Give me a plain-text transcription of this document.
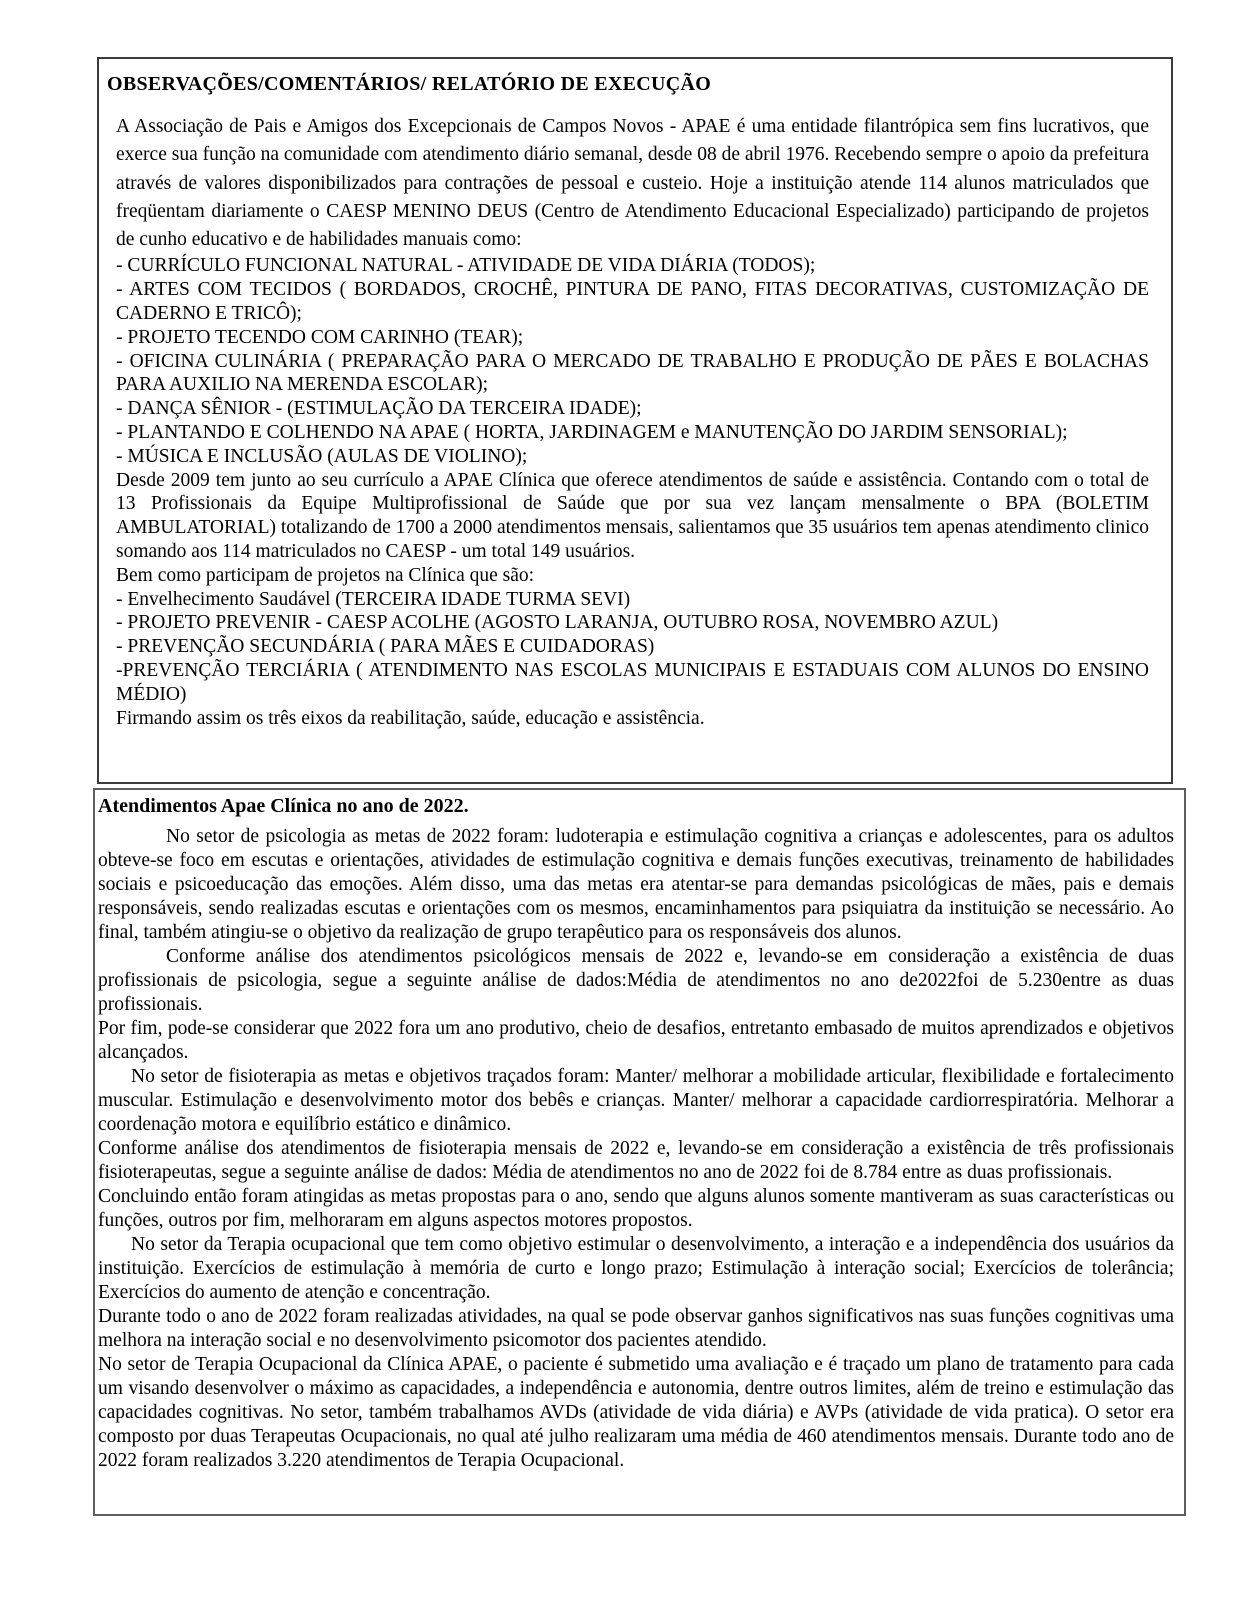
OBSERVAÇÕES/COMENTÁRIOS/ RELATÓRIO DE EXECUÇÃO

A Associação de Pais e Amigos dos Excepcionais de Campos Novos - APAE é uma entidade filantrópica sem fins lucrativos, que exerce sua função na comunidade com atendimento diário semanal, desde 08 de abril 1976. Recebendo sempre o apoio da prefeitura através de valores disponibilizados para contrações de pessoal e custeio. Hoje a instituição atende 114 alunos matriculados que freqüentam diariamente o CAESP MENINO DEUS (Centro de Atendimento Educacional Especializado) participando de projetos de cunho educativo e de habilidades manuais como:

- CURRÍCULO FUNCIONAL NATURAL - ATIVIDADE DE VIDA DIÁRIA (TODOS);
- ARTES COM TECIDOS ( BORDADOS, CROCHÊ, PINTURA DE PANO, FITAS DECORATIVAS, CUSTOMIZAÇÃO DE CADERNO E TRICÔ);
- PROJETO TECENDO COM CARINHO (TEAR);
- OFICINA CULINÁRIA ( PREPARAÇÃO PARA O MERCADO DE TRABALHO E PRODUÇÃO DE PÃES E BOLACHAS PARA AUXILIO NA MERENDA ESCOLAR);
- DANÇA SÊNIOR - (ESTIMULAÇÃO DA TERCEIRA IDADE);
- PLANTANDO E COLHENDO NA APAE ( HORTA, JARDINAGEM e MANUTENÇÃO DO JARDIM SENSORIAL);
- MÚSICA E INCLUSÃO (AULAS DE VIOLINO);
Desde 2009 tem junto ao seu currículo a APAE Clínica que oferece atendimentos de saúde e assistência. Contando com o total de 13 Profissionais da Equipe Multiprofissional de Saúde que por sua vez lançam mensalmente o BPA (BOLETIM AMBULATORIAL) totalizando de 1700 a 2000 atendimentos mensais, salientamos que 35 usuários tem apenas atendimento clinico somando aos 114 matriculados no CAESP - um total 149 usuários.
Bem como participam de projetos na Clínica que são:
- Envelhecimento Saudável (TERCEIRA IDADE TURMA SEVI)
- PROJETO PREVENIR - CAESP ACOLHE (AGOSTO LARANJA, OUTUBRO ROSA, NOVEMBRO AZUL)
- PREVENÇÃO SECUNDÁRIA ( PARA MÃES E CUIDADORAS)
-PREVENÇÃO TERCIÁRIA ( ATENDIMENTO NAS ESCOLAS MUNICIPAIS E ESTADUAIS COM ALUNOS DO ENSINO MÉDIO)
Firmando assim os três eixos da reabilitação, saúde, educação e assistência.
Atendimentos Apae Clínica no ano de 2022.

No setor de psicologia as metas de 2022 foram: ludoterapia e estimulação cognitiva a crianças e adolescentes, para os adultos obteve-se foco em escutas e orientações, atividades de estimulação cognitiva e demais funções executivas, treinamento de habilidades sociais e psicoeducação das emoções. Além disso, uma das metas era atentar-se para demandas psicológicas de mães, pais e demais responsáveis, sendo realizadas escutas e orientações com os mesmos, encaminhamentos para psiquiatra da instituição se necessário. Ao final, também atingiu-se o objetivo da realização de grupo terapêutico para os responsáveis dos alunos.

Conforme análise dos atendimentos psicológicos mensais de 2022 e, levando-se em consideração a existência de duas profissionais de psicologia, segue a seguinte análise de dados:Média de atendimentos no ano de2022foi de 5.230entre as duas profissionais.

Por fim, pode-se considerar que 2022 fora um ano produtivo, cheio de desafios, entretanto embasado de muitos aprendizados e objetivos alcançados.

No setor de fisioterapia as metas e objetivos traçados foram: Manter/ melhorar a mobilidade articular, flexibilidade e fortalecimento muscular. Estimulação e desenvolvimento motor dos bebês e crianças. Manter/ melhorar a capacidade cardiorrespiratória. Melhorar a coordenação motora e equilíbrio estático e dinâmico.

Conforme análise dos atendimentos de fisioterapia mensais de 2022 e, levando-se em consideração a existência de três profissionais fisioterapeutas, segue a seguinte análise de dados: Média de atendimentos no ano de 2022 foi de 8.784 entre as duas profissionais.

Concluindo então foram atingidas as metas propostas para o ano, sendo que alguns alunos somente mantiveram as suas características ou funções, outros por fim, melhoraram em alguns aspectos motores propostos.

No setor da Terapia ocupacional que tem como objetivo estimular o desenvolvimento, a interação e a independência dos usuários da instituição. Exercícios de estimulação à memória de curto e longo prazo; Estimulação à interação social; Exercícios de tolerância; Exercícios do aumento de atenção e concentração.

Durante todo o ano de 2022 foram realizadas atividades, na qual se pode observar ganhos significativos nas suas funções cognitivas uma melhora na interação social e no desenvolvimento psicomotor dos pacientes atendido.

No setor de Terapia Ocupacional da Clínica APAE, o paciente é submetido uma avaliação e é traçado um plano de tratamento para cada um visando desenvolver o máximo as capacidades, a independência e autonomia, dentre outros limites, além de treino e estimulação das capacidades cognitivas. No setor, também trabalhamos AVDs (atividade de vida diária) e AVPs (atividade de vida pratica). O setor era composto por duas Terapeutas Ocupacionais, no qual até julho realizaram uma média de 460 atendimentos mensais. Durante todo ano de 2022 foram realizados 3.220 atendimentos de Terapia Ocupacional.
